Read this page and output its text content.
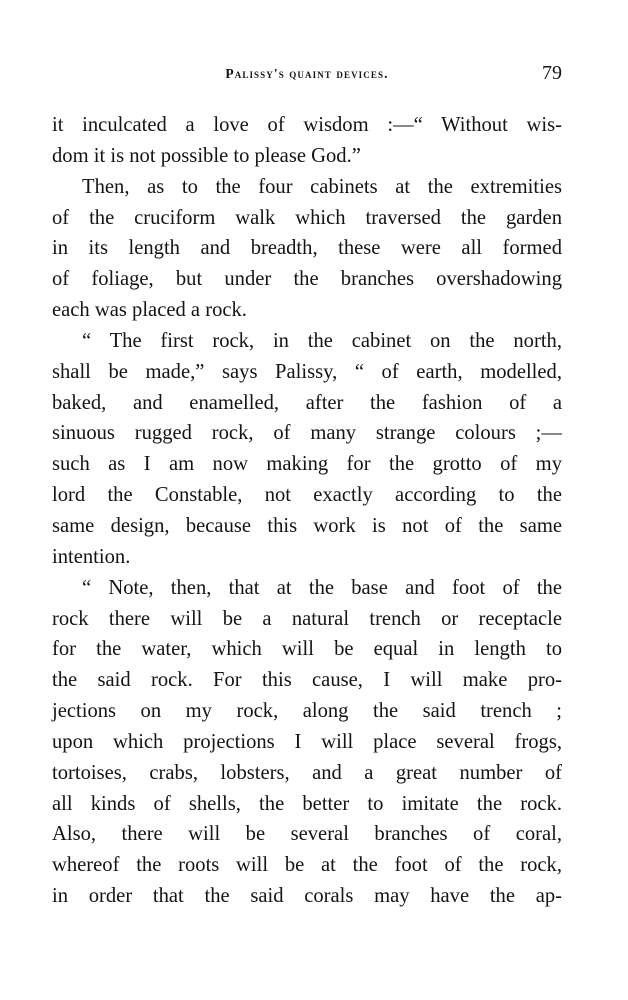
Palissy's quaint devices.	79
it inculcated a love of wisdom :—“ Without wis-
dom it is not possible to please God.”
Then, as to the four cabinets at the extremities
of the cruciform walk which traversed the garden
in its length and breadth, these were all formed
of foliage, but under the branches overshadowing
each was placed a rock.
“ The first rock, in the cabinet on the north,
shall be made,” says Palissy, “ of earth, modelled,
baked, and enamelled, after the fashion of a
sinuous rugged rock, of many strange colours ;—
such as I am now making for the grotto of my
lord the Constable, not exactly according to the
same design, because this work is not of the same
intention.
“ Note, then, that at the base and foot of the
rock there will be a natural trench or receptacle
for the water, which will be equal in length to
the said rock. For this cause, I will make pro-
jections on my rock, along the said trench ;
upon which projections I will place several frogs,
tortoises, crabs, lobsters, and a great number of
all kinds of shells, the better to imitate the rock.
Also, there will be several branches of coral,
whereof the roots will be at the foot of the rock,
in order that the said corals may have the ap-
